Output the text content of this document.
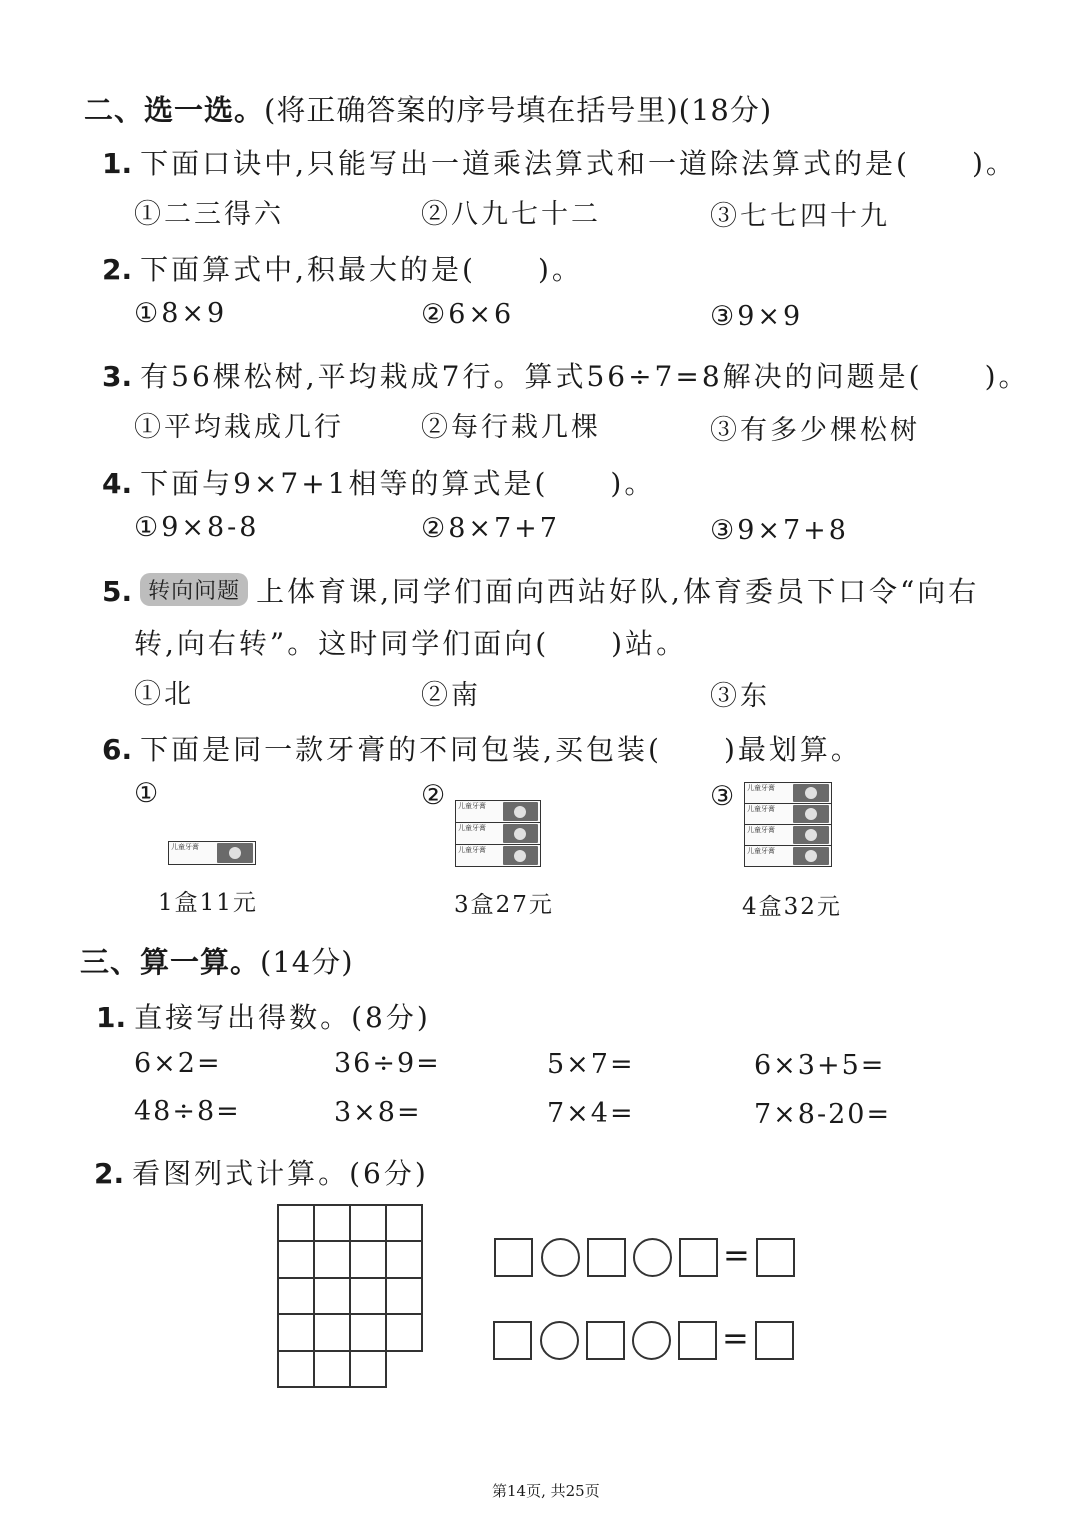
二、选一选。(将正确答案的序号填在括号里)(18分)
1. 下面口诀中,只能写出一道乘法算式和一道除法算式的是(　　)。
①二三得六	②八九七十二	③七七四十九
2. 下面算式中,积最大的是(　　)。
①8×9	②6×6	③9×9
3. 有56棵松树,平均栽成7行。算式56÷7=8解决的问题是(　　)。
①平均栽成几行	②每行栽几棵	③有多少棵松树
4. 下面与9×7+1相等的算式是(　　)。
①9×8-8	②8×7+7	③9×7+8
5. 转向问题 上体育课,同学们面向西站好队,体育委员下口令“向右
转,向右转”。这时同学们面向(　　)站。
①北	②南	③东
6. 下面是同一款牙膏的不同包装,买包装(　　)最划算。
①	②	③
儿童牙膏
儿童牙膏
儿童牙膏
儿童牙膏
儿童牙膏
儿童牙膏
儿童牙膏
儿童牙膏
1盒11元	3盒27元	4盒32元
三、算一算。(14分)
1. 直接写出得数。(8分)
6×2=	36÷9=	5×7=	6×3+5=
48÷8=	3×8=	7×4=	7×8-20=
2. 看图列式计算。(6分)
=
=
第14页, 共25页
